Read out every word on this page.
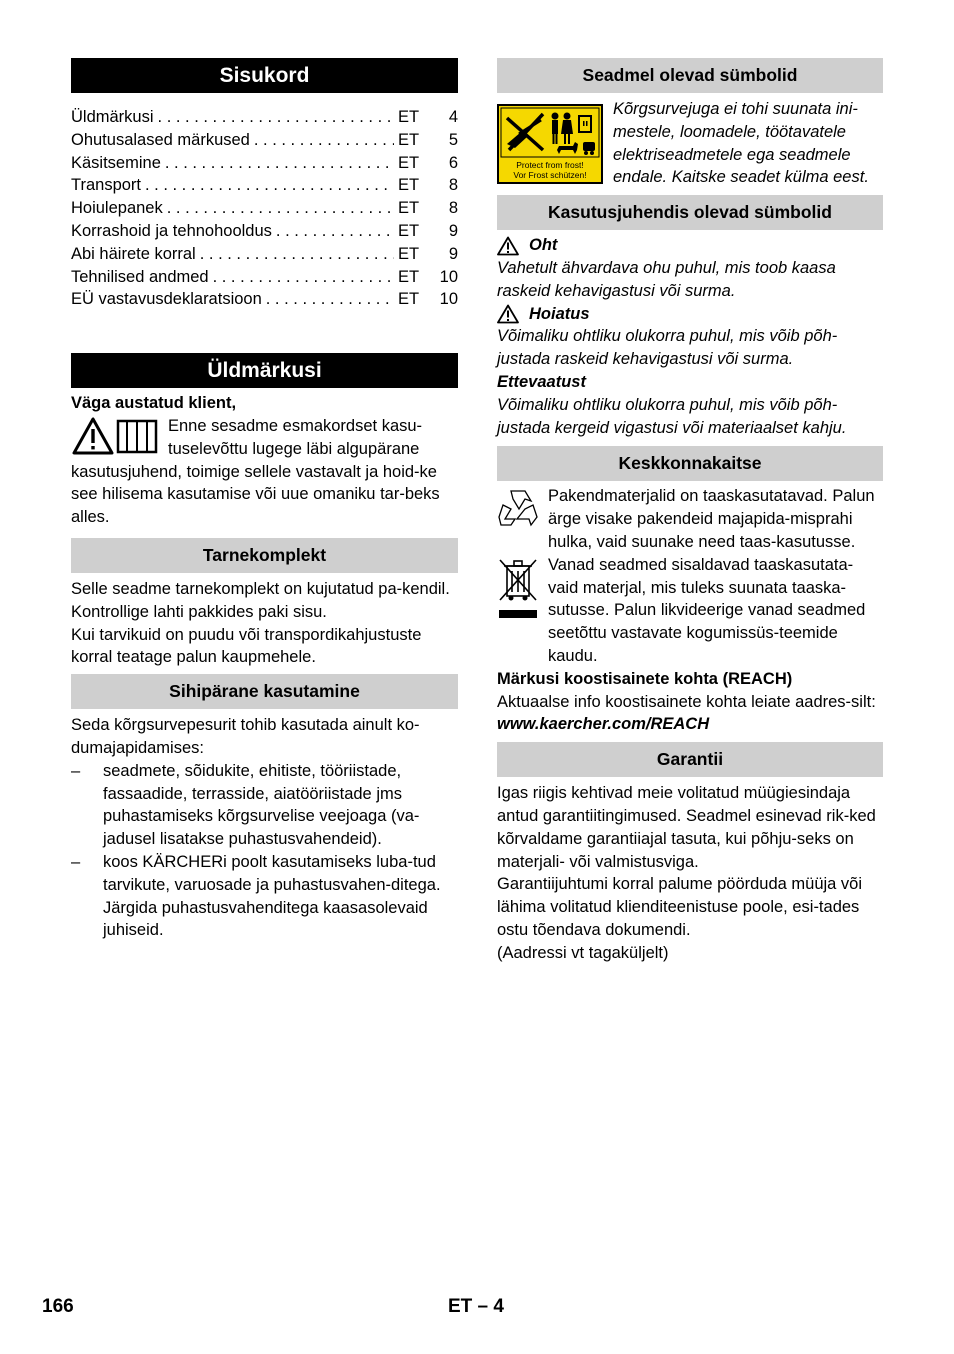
Sisukord
Üldmärkusi . . .	ET	4
Ohutusalased märkused . . .	ET	5
Käsitsemine . . .	ET	6
Transport . . .	ET	8
Hoiulepanek . . .	ET	8
Korrashoid ja tehnohooldus . . .	ET	9
Abi häirete korral . . .	ET	9
Tehnilised andmed . . .	ET	10
EÜ vastavusdeklaratsioon . . .	ET	10
Üldmärkusi

Väga austatud klient,

Enne sesadme esmakordset kasu-

tuselevõttu lugege läbi algupärane

kasutusjuhend, toimige sellele vastavalt ja hoid-ke see hilisema kasutamise või uue omaniku tar-beks alles.

Tarnekomplekt

Selle seadme tarnekomplekt on kujutatud pa-kendil. Kontrollige lahti pakkides paki sisu.

Kui tarvikuid on puudu või transpordikahjustuste korral teatage palun kaupmehele.

Sihipärane kasutamine

Seda kõrgsurvepesurit tohib kasutada ainult ko-dumajapidamises:

–	seadmete, sõidukite, ehitiste, tööriistade, fassaadide, terrasside, aiatööriistade jms puhastamiseks kõrgsurvelise veejoaga (va-jadusel lisatakse puhastusvahendeid).
–	koos KÄRCHERi poolt kasutamiseks luba-tud tarvikute, varuosade ja puhastusvahen-ditega. Järgida puhastusvahenditega kaasasolevaid juhiseid.
Seadmel olevad sümbolid
Protect from frost!
Vor Frost schützen!

Kõrgsurvejuga ei tohi suunata ini-mestele, loomadele, töötavatele elektriseadmetele ega seadmele endale. Kaitske seadet külma eest.

Kasutusjuhendis olevad sümbolid
Oht

Vahetult ähvardava ohu puhul, mis toob kaasa raskeid kehavigastusi või surma.

Hoiatus

Võimaliku ohtliku olukorra puhul, mis võib põh-justada raskeid kehavigastusi või surma.

Ettevaatust

Võimaliku ohtliku olukorra puhul, mis võib põh-justada kergeid vigastusi või materiaalset kahju.

Keskkonnakaitse

Pakendmaterjalid on taaskasutatavad. Palun ärge visake pakendeid majapida-misprahi hulka, vaid suunake need taas-kasutusse.

Vanad seadmed sisaldavad taaskasutata-vaid materjal, mis tuleks suunata taaska-sutusse. Palun likvideerige vanad seadmed seetõttu vastavate kogumissüs-teemide kaudu.

Märkusi koostisainete kohta (REACH)

Aktuaalse info koostisainete kohta leiate aadres-silt:

www.kaercher.com/REACH

Garantii

Igas riigis kehtivad meie volitatud müügiesindaja antud garantiitingimused. Seadmel esinevad rik-ked kõrvaldame garantiiajal tasuta, kui põhju-seks on materjali- või valmistusviga.

Garantiijuhtumi korral palume pöörduda müüja või lähima volitatud klienditeenistuse poole, esi-tades ostu tõendava dokumendi.

(Aadressi vt tagaküljelt)

166	ET – 4
